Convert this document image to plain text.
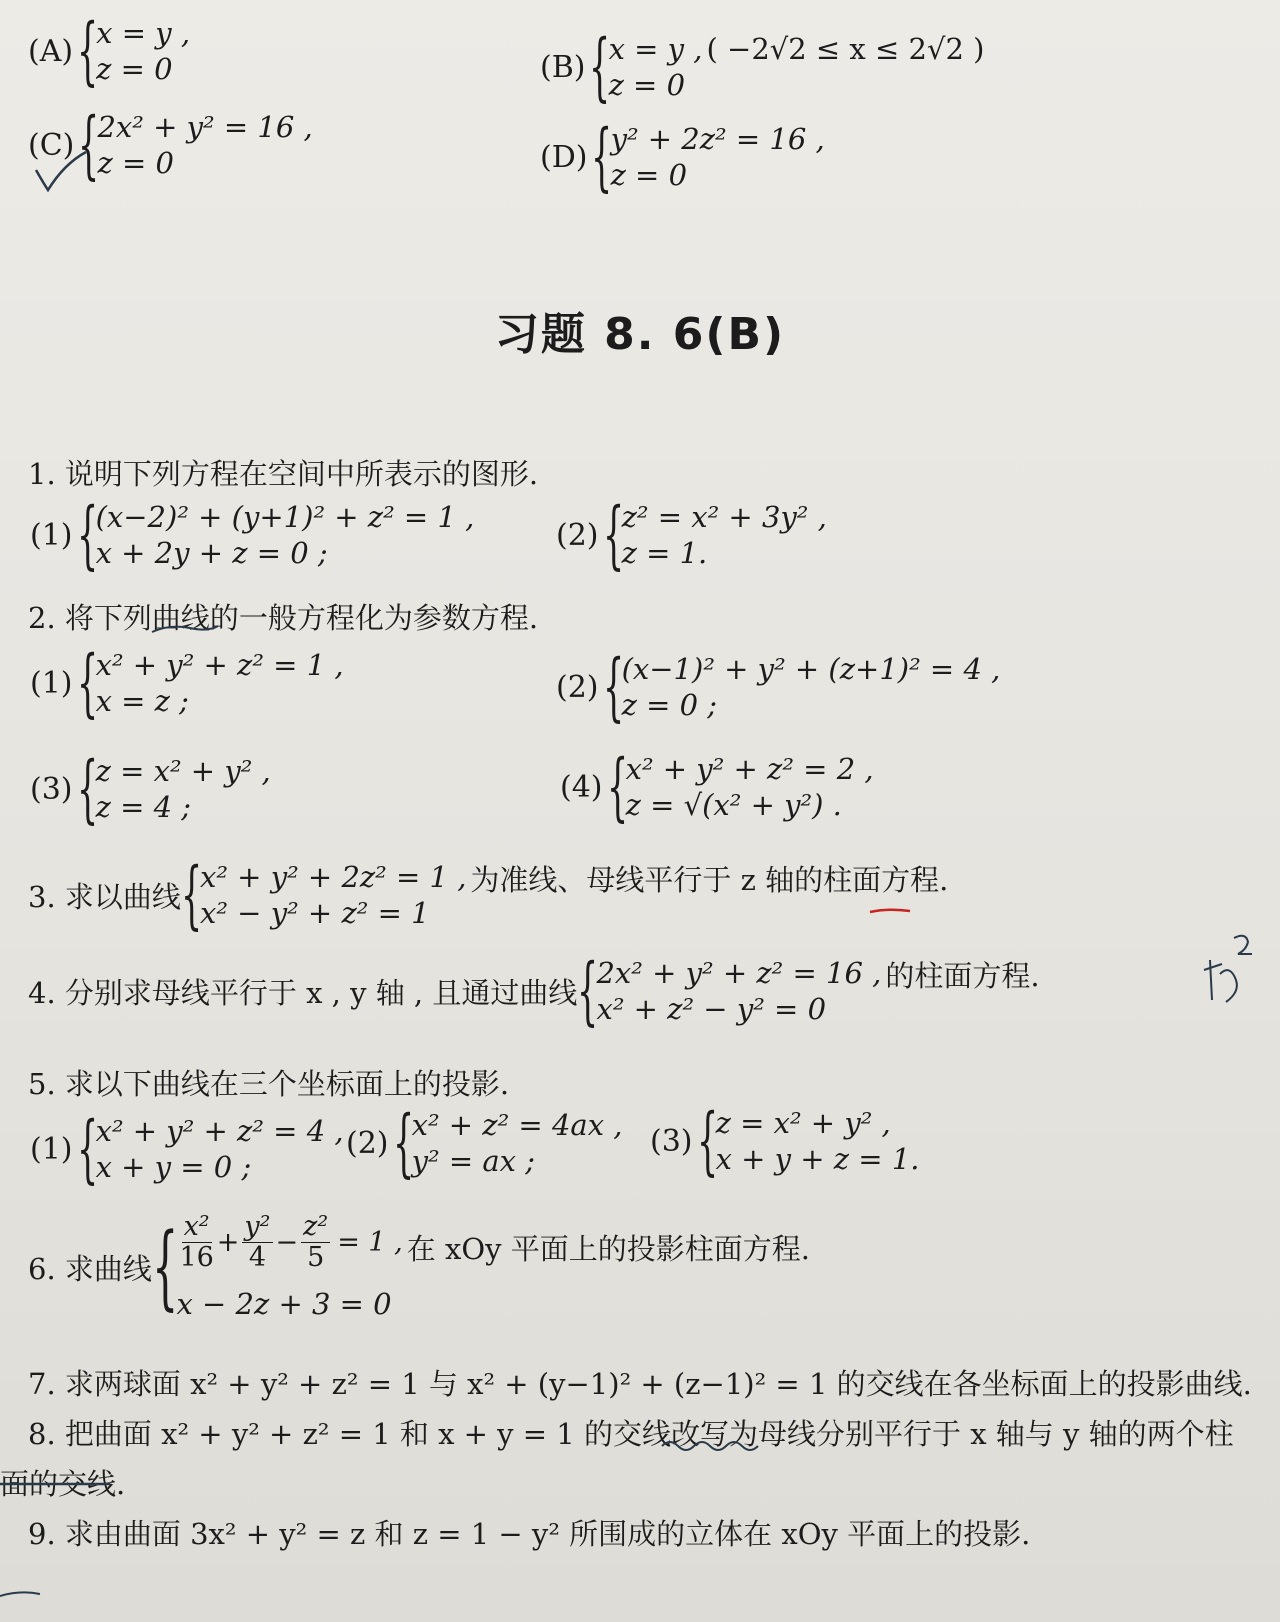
(A) {
x = y ,
z = 0	(B) {
x = y ,
z = 0
( −2√2 ≤ x ≤ 2√2 )
(C) {
2x² + y² = 16 ,
z = 0	(D) {
y² + 2z² = 16 ,
z = 0
习题 8. 6(B)
1. 说明下列方程在空间中所表示的图形.
(1) {
(x−2)² + (y+1)² + z² = 1 ,
x + 2y + z = 0 ;
(2) {
z² = x² + 3y² ,
z = 1.
2. 将下列曲线的一般方程化为参数方程.
(1) {
x² + y² + z² = 1 ,
x = z ;	(2) {
(x−1)² + y² + (z+1)² = 4 ,
z = 0 ;
(3) {
z = x² + y² ,
z = 4 ;
(4) {
x² + y² + z² = 2 ,
z = √(x² + y²) .
3. 求以曲线 {
x² + y² + 2z² = 1 ,
x² − y² + z² = 1
为准线、母线平行于 z 轴的柱面方程.
4. 分别求母线平行于 x , y 轴 , 且通过曲线 {
2x² + y² + z² = 16 ,
x² + z² − y² = 0
的柱面方程.
5. 求以下曲线在三个坐标面上的投影.
(1) {
x² + y² + z² = 4 ,
x + y = 0 ;
(2) {
x² + z² = 4ax ,
y² = ax ;
(3) {
z = x² + y² ,
x + y + z = 1.
6. 求曲线 { $\frac{\text{x²}}{16} + \frac{\text{y²}}{4} - \frac{\text{z²}}{5} = 1$ ,
x − 2z + 3 = 0
在 xOy 平面上的投影柱面方程.
7. 求两球面 x² + y² + z² = 1 与 x² + (y−1)² + (z−1)² = 1 的交线在各坐标面上的投影曲线.
8. 把曲面 x² + y² + z² = 1 和 x + y = 1 的交线改写为母线分别平行于 x 轴与 y 轴的两个柱
面的交线.
9. 求由曲面 3x² + y² = z 和 z = 1 − y² 所围成的立体在 xOy 平面上的投影.
